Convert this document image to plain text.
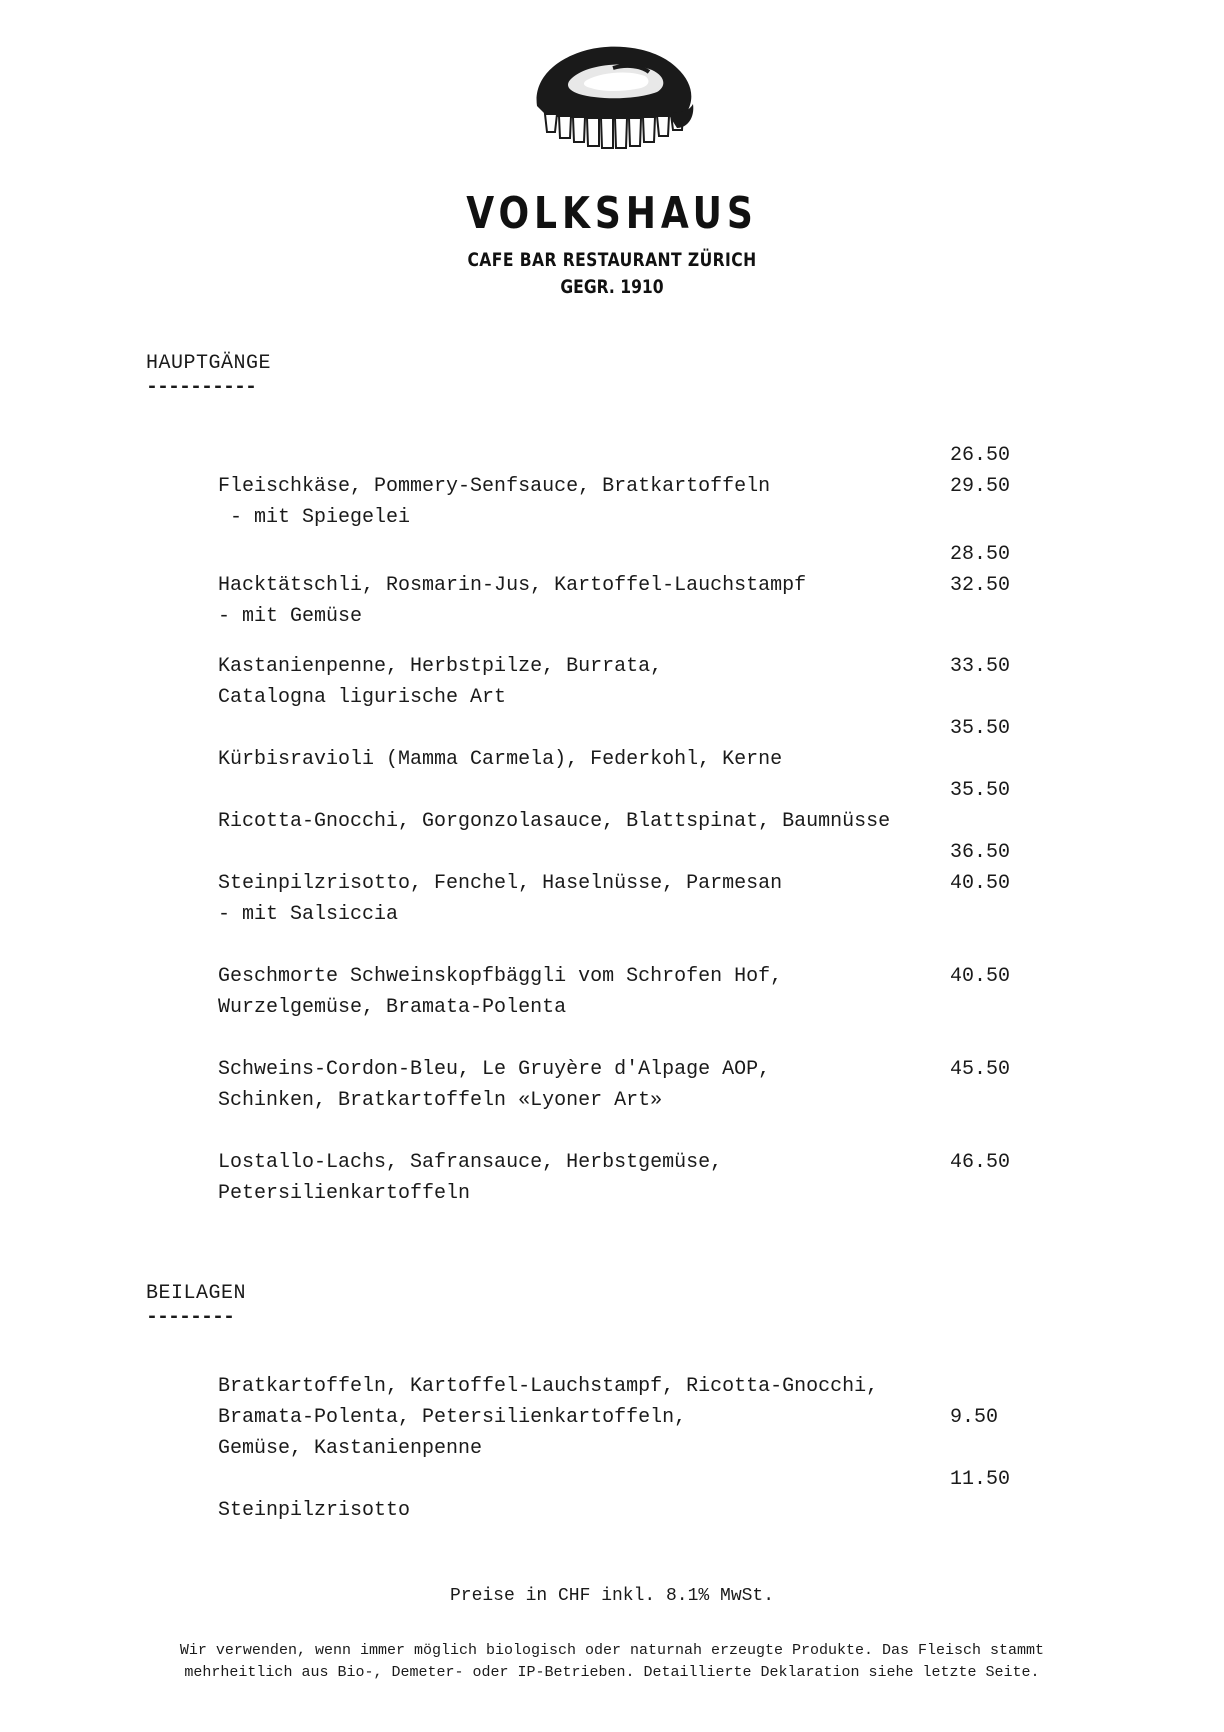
VOLKSHAUS
CAFE BAR RESTAURANT ZÜRICH
GEGR. 1910
HAUPTGÄNGE
----------

Fleischkäse, Pommery-Senfsauce, Bratkartoffeln

26.50

- mit Spiegelei

29.50

Hacktätschli, Rosmarin-Jus, Kartoffel-Lauchstampf

28.50

- mit Gemüse

32.50

Kastanienpenne, Herbstpilze, Burrata,

Catalogna ligurische Art

33.50

Kürbisravioli (Mamma Carmela), Federkohl, Kerne

35.50

Ricotta-Gnocchi, Gorgonzolasauce, Blattspinat, Baumnüsse

35.50

Steinpilzrisotto, Fenchel, Haselnüsse, Parmesan

36.50

- mit Salsiccia

40.50

Geschmorte Schweinskopfbäggli vom Schrofen Hof,

Wurzelgemüse, Bramata-Polenta

40.50

Schweins-Cordon-Bleu, Le Gruyère d'Alpage AOP,

Schinken, Bratkartoffeln «Lyoner Art»

45.50

Lostallo-Lachs, Safransauce, Herbstgemüse,

Petersilienkartoffeln

46.50

BEILAGEN
--------

Bratkartoffeln, Kartoffel-Lauchstampf, Ricotta-Gnocchi,

Bramata-Polenta, Petersilienkartoffeln,

Gemüse, Kastanienpenne

9.50

Steinpilzrisotto

11.50

Preise in CHF inkl. 8.1% MwSt.
Wir verwenden, wenn immer möglich biologisch oder naturnah erzeugte Produkte. Das Fleisch stammt
mehrheitlich aus Bio-, Demeter- oder IP-Betrieben. Detaillierte Deklaration siehe letzte Seite.
